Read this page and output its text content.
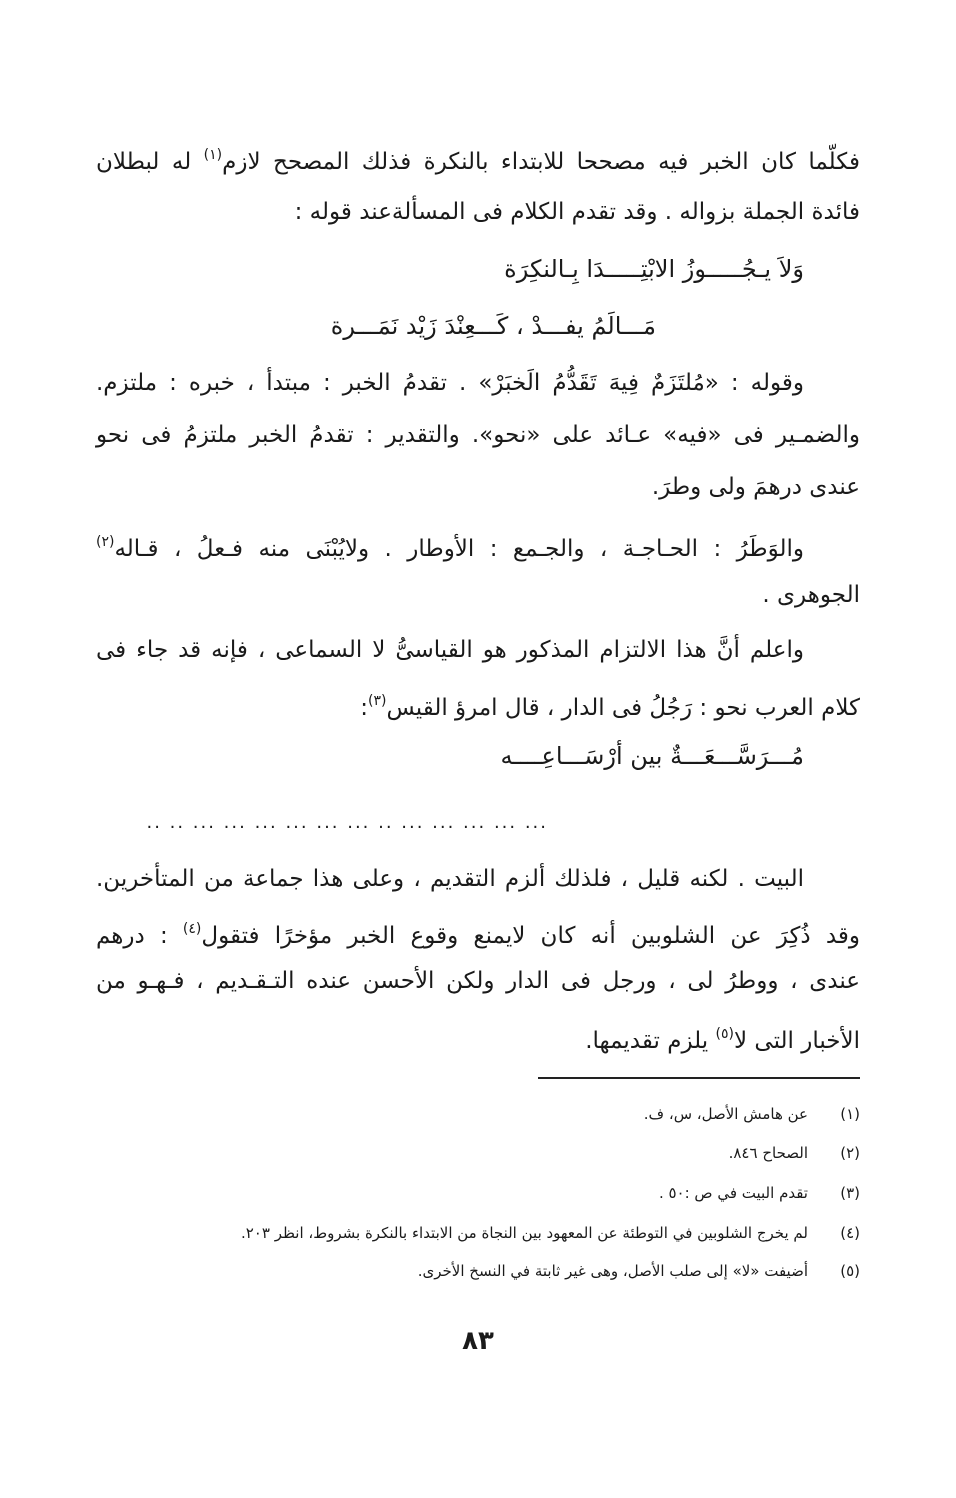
فكلّما كان الخبر فيه مصححا للابتداء بالنكرة فذلك المصحح لازم$^{(١)}$ له لبطلان
فائدة الجملة بزواله . وقد تقدم الكلام فى المسألةعند قوله :
وَلاَ يـجُـــــوزُ الابْتِـــــدَا بِـالنكِرَة
مَـــالَمُ يفـــدْ ، كَـــعِنْدَ زَيْد نَمَـــرة
وقوله : «مُلتَزَمٌ فِيهَ تَقَدُّمُ الَخبَرْ» . تقدمُ الخبر : مبتدأ ، خبره : ملتزم.
والضمـير فى «فيه» عـائد على «نحو». والتقدير : تقدمُ الخبر ملتزمُ فى نحو
عندى درهمَ ولى وطرَ.
والوَطَرُ : الحـاجـة ، والجـمع : الأوطار . ولايُبْنَى منه فـعلُ ، قـاله$^{(٢)}$
الجوهرى .
واعلم أنَّ هذا الالتزام المذكور هو القياسىُّ لا السماعى ، فإنه قد جاء فى
كلام العرب نحو : رَجُلُ فى الدار ، قال امرؤ القيس$^{(٣)}$:
مُـــرَسَّـــعَـــةٌ بين أرْسَـــاعِــــه
... ... ... ... ... .. ... ... ... ... ... ... .. ..
البيت . لكنه قليل ، فلذلك ألزم التقديم ، وعلى هذا جماعة من المتأخرين.
وقد ذُكِرَ عن الشلوبين أنه كان لايمنع وقوع الخبر مؤخرًا فتقول$^{(٤)}$ : درهم
عندى ، ووطرُ لى ، ورجل فى الدار ولكن الأحسن عنده التـقـديم ، فـهـو من
الأخبار التى لا$^{(٥)}$ يلزم تقديمها.
(١)عن هامش الأصل، س، ف.
(٢)الصحاح ٨٤٦.
(٣)تقدم البيت في ص :٥٠ .
(٤)لم يخرج الشلوبين في التوطئة عن المعهود بين النجاة من الابتداء بالنكرة بشروط، انظر ٢٠٣.
(٥)أضيفت «لا» إلى صلب الأصل، وهى غير ثابتة في النسخ الأخرى.
٨٣
